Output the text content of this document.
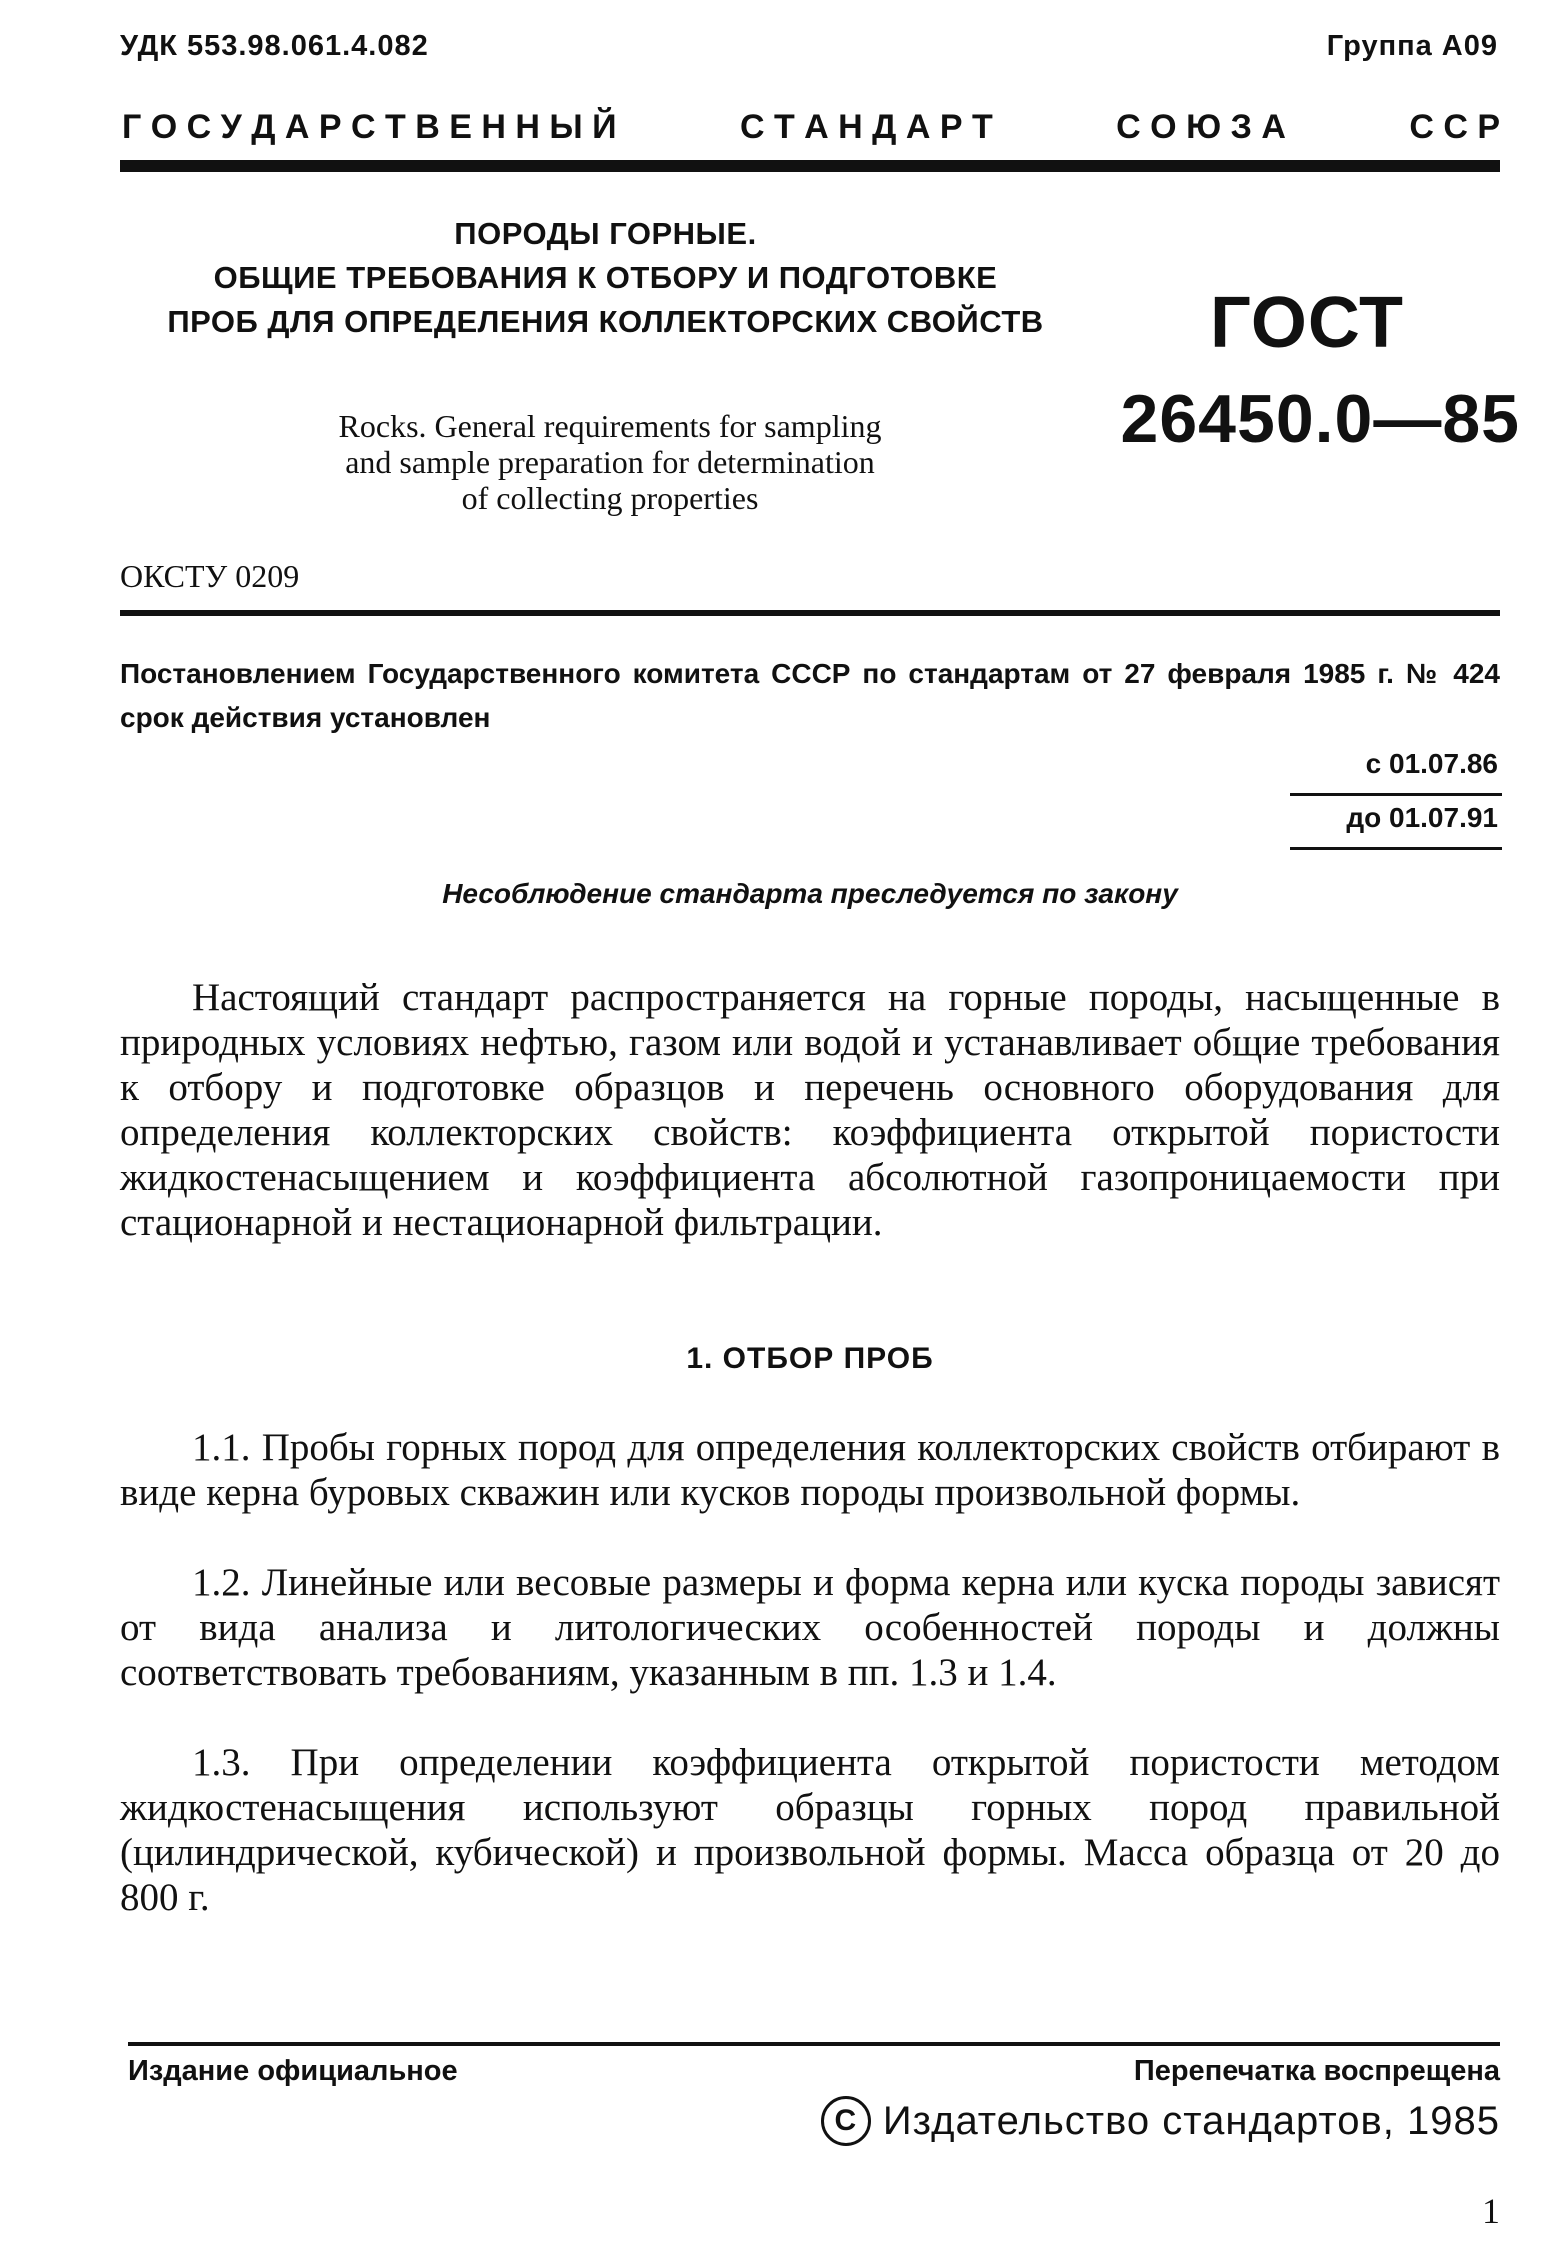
УДК 553.98.061.4.082	Группа А09
Г О С У Д А Р С Т В Е Н Н Ы Й	С Т А Н Д А Р Т	С О Ю З А	С С Р
ПОРОДЫ ГОРНЫЕ.
ОБЩИЕ ТРЕБОВАНИЯ К ОТБОРУ И ПОДГОТОВКЕ
ПРОБ ДЛЯ ОПРЕДЕЛЕНИЯ КОЛЛЕКТОРСКИХ СВОЙСТВ
Rocks. General requirements for sampling
and sample preparation for determination
of collecting properties
ГОСТ
26450.0—85
ОКСТУ 0209
Постановлением Государственного комитета СССР по стандартам от 27 февраля 1985 г. № 424 срок действия установлен
с 01.07.86
до 01.07.91
Несоблюдение стандарта преследуется по закону
Настоящий стандарт распространяется на горные породы, насыщенные в природных условиях нефтью, газом или водой и устанавливает общие требования к отбору и подготовке образцов и перечень основного оборудования для определения коллекторских свойств: коэффициента открытой пористости жидкостенасыщением и коэффициента абсолютной газопроницаемости при стационарной и нестационарной фильтрации.
1. ОТБОР ПРОБ
1.1. Пробы горных пород для определения коллекторских свойств отбирают в виде керна буровых скважин или кусков породы произвольной формы.
1.2. Линейные или весовые размеры и форма керна или куска породы зависят от вида анализа и литологических особенностей породы и должны соответствовать требованиям, указанным в пп. 1.3 и 1.4.
1.3. При определении коэффициента открытой пористости методом жидкостенасыщения используют образцы горных пород правильной (цилиндрической, кубической) и произвольной формы. Масса образца от 20 до 800 г.
Издание официальное	Перепечатка воспрещена
C Издательство стандартов, 1985
1
